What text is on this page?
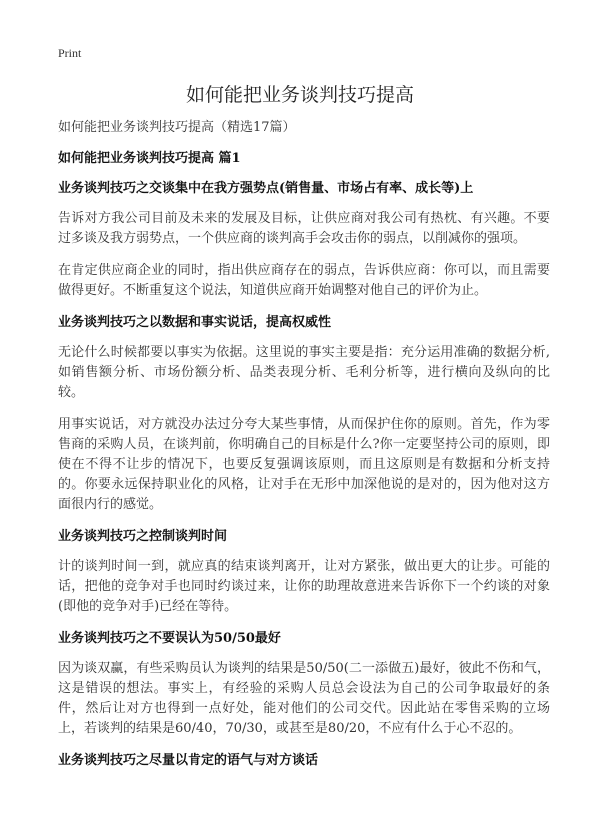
Print
如何能把业务谈判技巧提高

如何能把业务谈判技巧提高（精选17篇）

如何能把业务谈判技巧提高 篇1

业务谈判技巧之交谈集中在我方强势点(销售量、市场占有率、成长等)上

告诉对方我公司目前及未来的发展及目标，让供应商对我公司有热枕、有兴趣。不要过多谈及我方弱势点，一个供应商的谈判高手会攻击你的弱点，以削减你的强项。

在肯定供应商企业的同时，指出供应商存在的弱点，告诉供应商：你可以，而且需要做得更好。不断重复这个说法，知道供应商开始调整对他自己的评价为止。

业务谈判技巧之以数据和事实说话，提高权威性

无论什么时候都要以事实为依据。这里说的事实主要是指：充分运用准确的数据分析,如销售额分析、市场份额分析、品类表现分析、毛利分析等，进行横向及纵向的比较。

用事实说话，对方就没办法过分夸大某些事情，从而保护住你的原则。首先，作为零售商的采购人员，在谈判前，你明确自己的目标是什么?你一定要坚持公司的原则，即使在不得不让步的情况下，也要反复强调该原则，而且这原则是有数据和分析支持的。你要永远保持职业化的风格，让对手在无形中加深他说的是对的，因为他对这方面很内行的感觉。

业务谈判技巧之控制谈判时间

计的谈判时间一到，就应真的结束谈判离开，让对方紧张，做出更大的让步。可能的话，把他的竞争对手也同时约谈过来，让你的助理故意进来告诉你下一个约谈的对象(即他的竞争对手)已经在等待。

业务谈判技巧之不要误认为50/50最好

因为谈双赢，有些采购员认为谈判的结果是50/50(二一添做五)最好，彼此不伤和气，这是错误的想法。事实上，有经验的采购人员总会设法为自己的公司争取最好的条件，然后让对方也得到一点好处，能对他们的公司交代。因此站在零售采购的立场上，若谈判的结果是60/40，70/30，或甚至是80/20，不应有什么于心不忍的。

业务谈判技巧之尽量以肯定的语气与对方谈话
